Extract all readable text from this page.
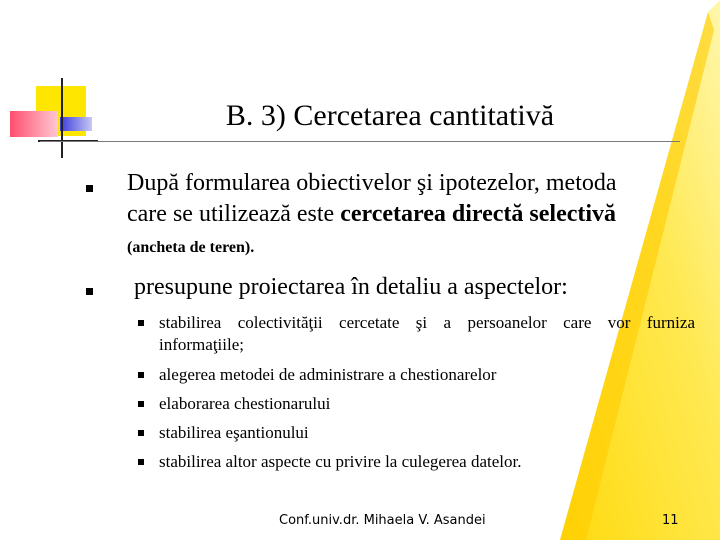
B. 3) Cercetarea cantitativă
După formularea obiectivelor şi ipotezelor, metoda
care se utilizează este cercetarea directă selectivă
(ancheta de teren).
presupune proiectarea în detaliu a aspectelor:
stabilirea colectivităţii cercetate şi a persoanelor care vor furniza
informaţiile;
alegerea metodei de administrare a chestionarelor
elaborarea chestionarului
stabilirea eşantionului
stabilirea altor aspecte cu privire la culegerea datelor.
Conf.univ.dr. Mihaela V. Asandei	11
